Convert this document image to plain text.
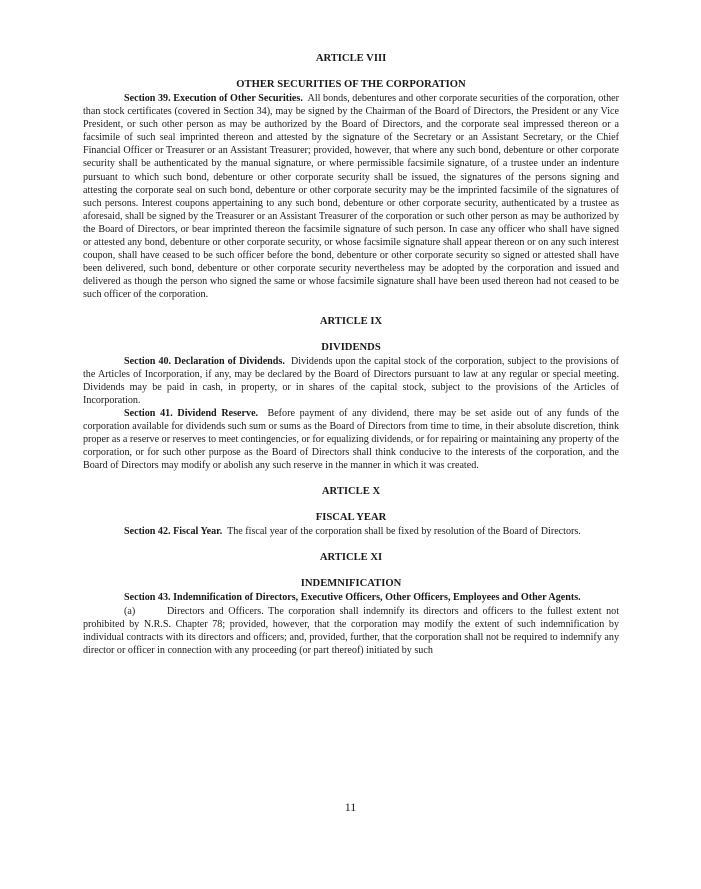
ARTICLE VIII

OTHER SECURITIES OF THE CORPORATION

Section 39. Execution of Other Securities. All bonds, debentures and other corporate securities of the corporation, other than stock certificates (covered in Section 34), may be signed by the Chairman of the Board of Directors, the President or any Vice President, or such other person as may be authorized by the Board of Directors, and the corporate seal impressed thereon or a facsimile of such seal imprinted thereon and attested by the signature of the Secretary or an Assistant Secretary, or the Chief Financial Officer or Treasurer or an Assistant Treasurer; provided, however, that where any such bond, debenture or other corporate security shall be authenticated by the manual signature, or where permissible facsimile signature, of a trustee under an indenture pursuant to which such bond, debenture or other corporate security shall be issued, the signatures of the persons signing and attesting the corporate seal on such bond, debenture or other corporate security may be the imprinted facsimile of the signatures of such persons. Interest coupons appertaining to any such bond, debenture or other corporate security, authenticated by a trustee as aforesaid, shall be signed by the Treasurer or an Assistant Treasurer of the corporation or such other person as may be authorized by the Board of Directors, or bear imprinted thereon the facsimile signature of such person. In case any officer who shall have signed or attested any bond, debenture or other corporate security, or whose facsimile signature shall appear thereon or on any such interest coupon, shall have ceased to be such officer before the bond, debenture or other corporate security so signed or attested shall have been delivered, such bond, debenture or other corporate security nevertheless may be adopted by the corporation and issued and delivered as though the person who signed the same or whose facsimile signature shall have been used thereon had not ceased to be such officer of the corporation.

ARTICLE IX

DIVIDENDS

Section 40. Declaration of Dividends. Dividends upon the capital stock of the corporation, subject to the provisions of the Articles of Incorporation, if any, may be declared by the Board of Directors pursuant to law at any regular or special meeting. Dividends may be paid in cash, in property, or in shares of the capital stock, subject to the provisions of the Articles of Incorporation.

Section 41. Dividend Reserve. Before payment of any dividend, there may be set aside out of any funds of the corporation available for dividends such sum or sums as the Board of Directors from time to time, in their absolute discretion, think proper as a reserve or reserves to meet contingencies, or for equalizing dividends, or for repairing or maintaining any property of the corporation, or for such other purpose as the Board of Directors shall think conducive to the interests of the corporation, and the Board of Directors may modify or abolish any such reserve in the manner in which it was created.

ARTICLE X

FISCAL YEAR

Section 42. Fiscal Year. The fiscal year of the corporation shall be fixed by resolution of the Board of Directors.

ARTICLE XI

INDEMNIFICATION

Section 43. Indemnification of Directors, Executive Officers, Other Officers, Employees and Other Agents.

(a)	Directors and Officers. The corporation shall indemnify its directors and officers to the fullest extent not prohibited by N.R.S. Chapter 78; provided, however, that the corporation may modify the extent of such indemnification by individual contracts with its directors and officers; and, provided, further, that the corporation shall not be required to indemnify any director or officer in connection with any proceeding (or part thereof) initiated by such

11
